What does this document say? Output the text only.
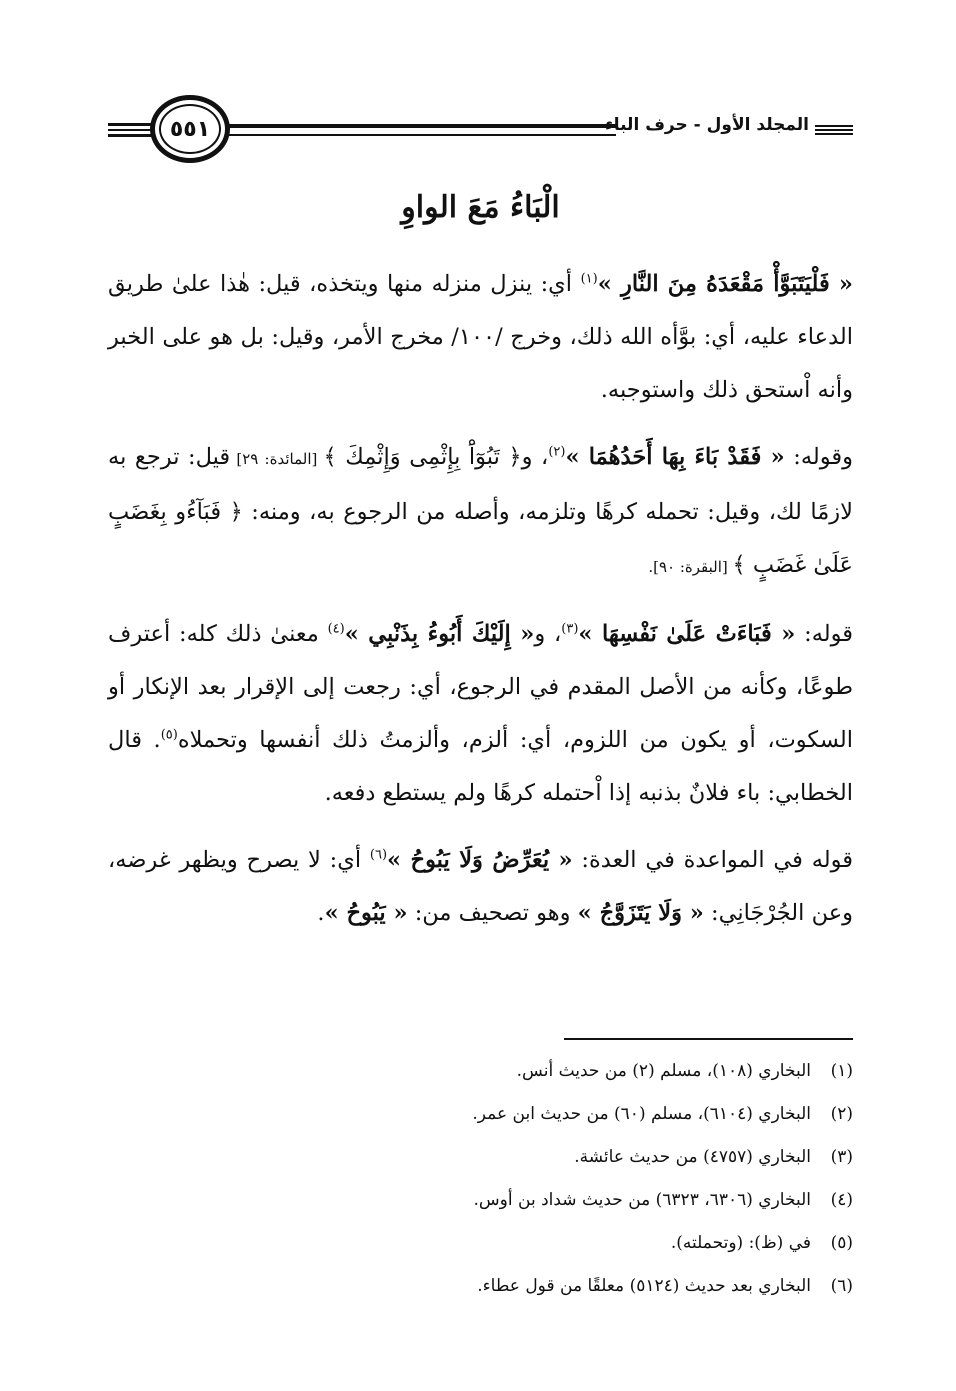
٥٥١	المجلد الأول - حرف الباء
الْبَاءُ مَعَ الواوِ

« فَلْيَتَبَوَّأْ مَقْعَدَهُ مِنَ النَّارِ »$^{(١)}$ أي: ينزل منزله منها ويتخذه، قيل: هٰذا علىٰ طريق الدعاء عليه، أي: بوَّأه الله ذلك، وخرج /١٠٠/ مخرج الأمر، وقيل: بل هو على الخبر وأنه اْستحق ذلك واستوجبه.

وقوله: « فَقَدْ بَاءَ بِهَا أَحَدُهُمَا »$^{(٢)}$، و﴿ تَبُوٓاَْ بِإِثْمِى وَإِثْمِكَ ﴾ [المائدة: ٢٩] قيل: ترجع به لازمًا لك، وقيل: تحمله كرهًا وتلزمه، وأصله من الرجوع به، ومنه: ﴿ فَبَآءُو بِغَضَبٍ عَلَىٰ غَضَبٍ ﴾ [البقرة: ٩٠].

قوله: « فَبَاءَتْ عَلَىٰ نَفْسِهَا »$^{(٣)}$، و« إِلَيْكَ أَبُوءُ بِذَنْبِي »$^{(٤)}$ معنىٰ ذلك كله: أعترف طوعًا، وكأنه من الأصل المقدم في الرجوع، أي: رجعت إلى الإقرار بعد الإنكار أو السكوت، أو يكون من اللزوم، أي: ألزم، وألزمتُ ذلك أنفسها وتحملاه$^{(٥)}$. قال الخطابي: باء فلانٌ بذنبه إذا اْحتمله كرهًا ولم يستطع دفعه.

قوله في المواعدة في العدة: « يُعَرِّضُ وَلَا يَبُوحُ »$^{(٦)}$ أي: لا يصرح ويظهر غرضه، وعن الجُرْجَانِي: « وَلَا يَتَزَوَّجُ » وهو تصحيف من: « يَبُوحُ ».

(١)البخاري (١٠٨)، مسلم (٢) من حديث أنس.
(٢)البخاري (٦١٠٤)، مسلم (٦٠) من حديث ابن عمر.
(٣)البخاري (٤٧٥٧) من حديث عائشة.
(٤)البخاري (٦٣٠٦، ٦٣٢٣) من حديث شداد بن أوس.
(٥)في (ظ): (وتحملته).
(٦)البخاري بعد حديث (٥١٢٤) معلقًا من قول عطاء.
